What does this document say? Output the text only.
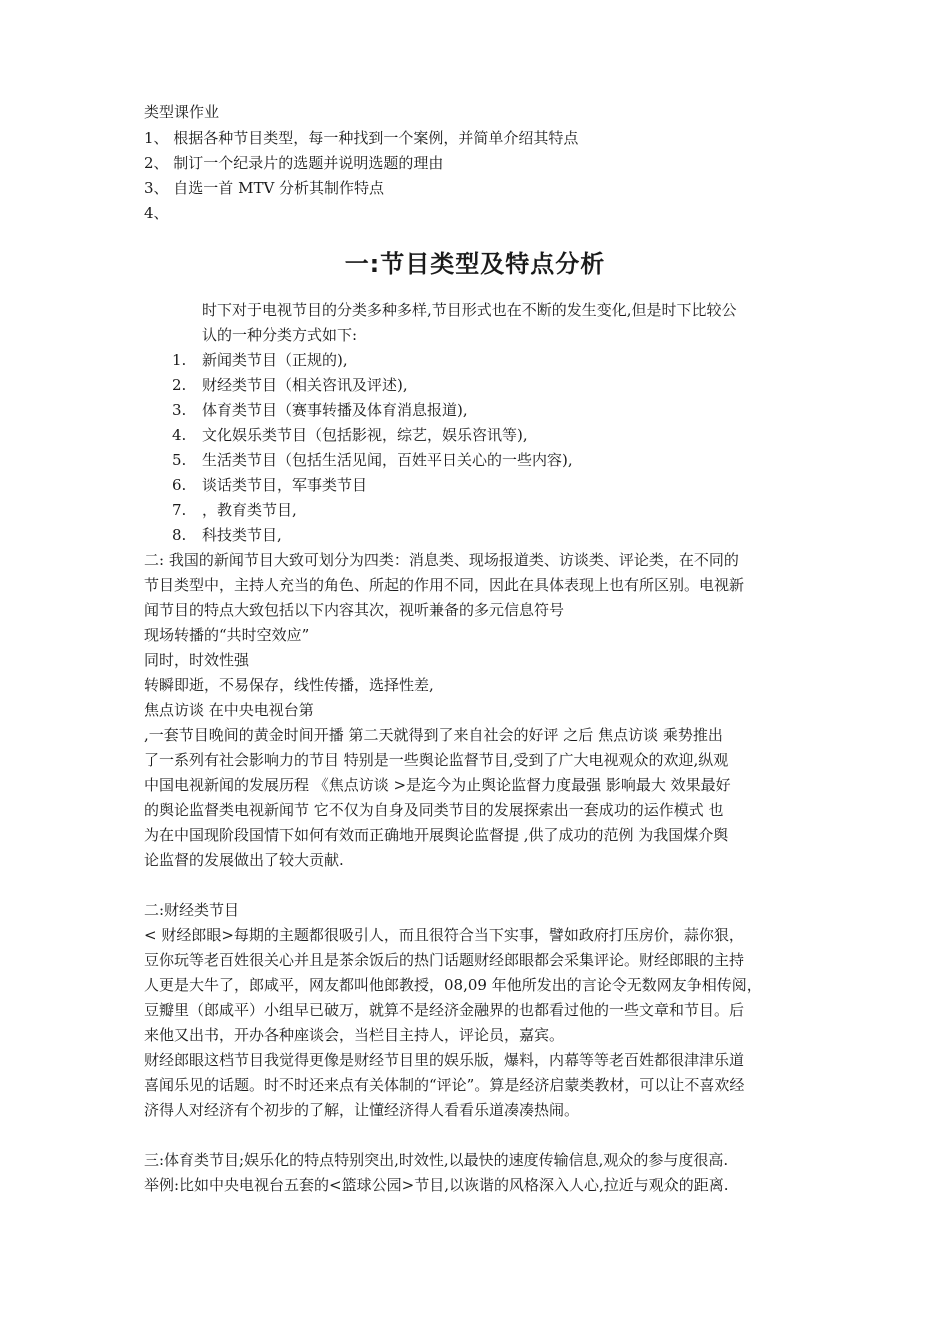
类型课作业
1、 根据各种节目类型，每一种找到一个案例，并简单介绍其特点
2、 制订一个纪录片的选题并说明选题的理由
3、 自选一首 MTV 分析其制作特点
4、
一:节目类型及特点分析
时下对于电视节目的分类多种多样,节目形式也在不断的发生变化,但是时下比较公
认的一种分类方式如下:
1. 新闻类节目（正规的),
2. 财经类节目（相关咨讯及评述),
3. 体育类节目（赛事转播及体育消息报道),
4. 文化娱乐类节目（包括影视，综艺，娱乐咨讯等),
5. 生活类节目（包括生活见闻，百姓平日关心的一些内容),
6. 谈话类节目，军事类节目
7. ，教育类节目,
8. 科技类节目,
二: 我国的新闻节目大致可划分为四类：消息类、现场报道类、访谈类、评论类，在不同的
节目类型中，主持人充当的角色、所起的作用不同，因此在具体表现上也有所区别。电视新
闻节目的特点大致包括以下内容其次，视听兼备的多元信息符号
现场转播的“共时空效应”
同时，时效性强
转瞬即逝，不易保存，线性传播，选择性差,
焦点访谈 在中央电视台第
,一套节目晚间的黄金时间开播 第二天就得到了来自社会的好评 之后 焦点访谈 乘势推出
了一系列有社会影响力的节目 特别是一些舆论监督节目,受到了广大电视观众的欢迎,纵观
中国电视新闻的发展历程 《焦点访谈 >是迄今为止舆论监督力度最强 影响最大 效果最好
的舆论监督类电视新闻节 它不仅为自身及同类节目的发展探索出一套成功的运作模式 也
为在中国现阶段国情下如何有效而正确地开展舆论监督提 ,供了成功的范例 为我国煤介舆
论监督的发展做出了较大贡献.
二:财经类节目
< 财经郎眼>每期的主题都很吸引人，而且很符合当下实事，譬如政府打压房价，蒜你狠，
豆你玩等老百姓很关心并且是茶余饭后的热门话题财经郎眼都会采集评论。财经郎眼的主持
人更是大牛了，郎咸平，网友都叫他郎教授，08,09 年他所发出的言论令无数网友争相传阅，
豆瓣里（郎咸平）小组早已破万，就算不是经济金融界的也都看过他的一些文章和节目。后
来他又出书，开办各种座谈会，当栏目主持人，评论员，嘉宾。
财经郎眼这档节目我觉得更像是财经节目里的娱乐版，爆料，内幕等等老百姓都很津津乐道
喜闻乐见的话题。时不时还来点有关体制的“评论”。算是经济启蒙类教材，可以让不喜欢经
济得人对经济有个初步的了解，让懂经济得人看看乐道凑凑热闹。
三:体育类节目;娱乐化的特点特别突出,时效性,以最快的速度传输信息,观众的参与度很高.
举例:比如中央电视台五套的<篮球公园>节目,以诙谐的风格深入人心,拉近与观众的距离.
